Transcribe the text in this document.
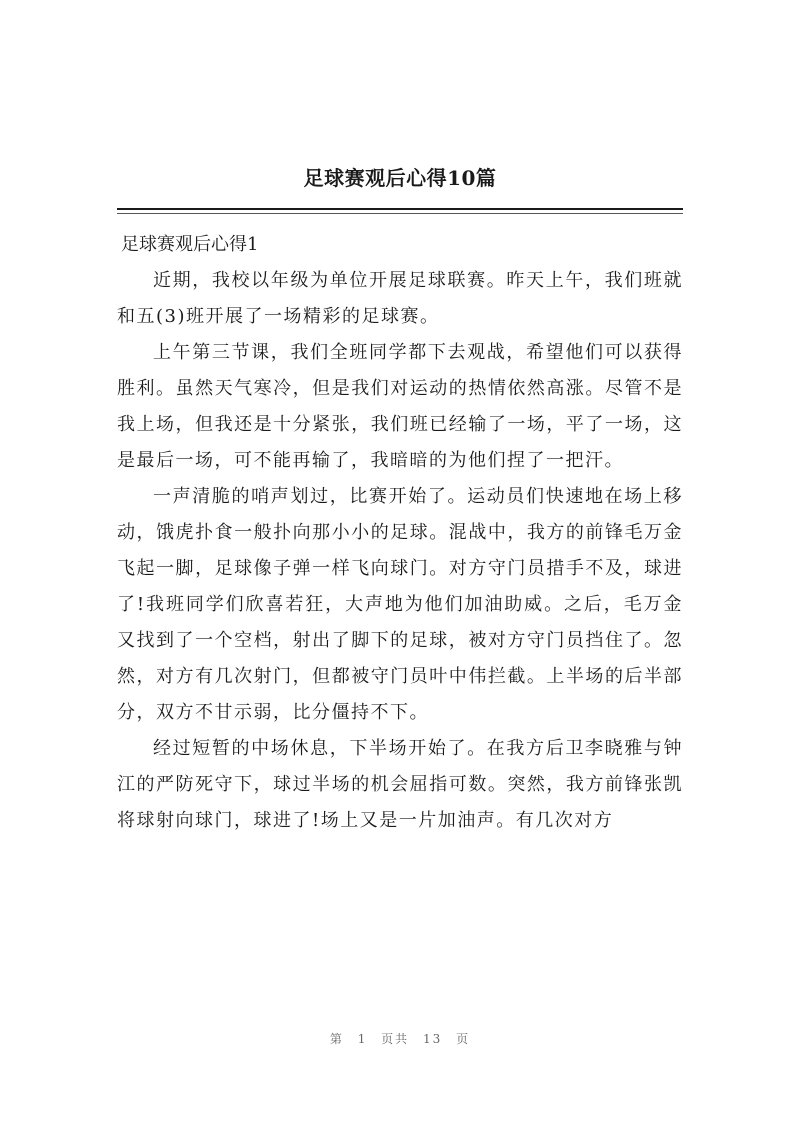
足球赛观后心得10篇

足球赛观后心得1

近期，我校以年级为单位开展足球联赛。昨天上午，我们班就和五(3)班开展了一场精彩的足球赛。

上午第三节课，我们全班同学都下去观战，希望他们可以获得胜利。虽然天气寒冷，但是我们对运动的热情依然高涨。尽管不是我上场，但我还是十分紧张，我们班已经输了一场，平了一场，这是最后一场，可不能再输了，我暗暗的为他们捏了一把汗。

一声清脆的哨声划过，比赛开始了。运动员们快速地在场上移动，饿虎扑食一般扑向那小小的足球。混战中，我方的前锋毛万金飞起一脚，足球像子弹一样飞向球门。对方守门员措手不及，球进了!我班同学们欣喜若狂，大声地为他们加油助威。之后，毛万金又找到了一个空档，射出了脚下的足球，被对方守门员挡住了。忽然，对方有几次射门，但都被守门员叶中伟拦截。上半场的后半部分，双方不甘示弱，比分僵持不下。

经过短暂的中场休息，下半场开始了。在我方后卫李晓雅与钟江的严防死守下，球过半场的机会屈指可数。突然，我方前锋张凯将球射向球门，球进了!场上又是一片加油声。有几次对方

第 1 页共 13 页
